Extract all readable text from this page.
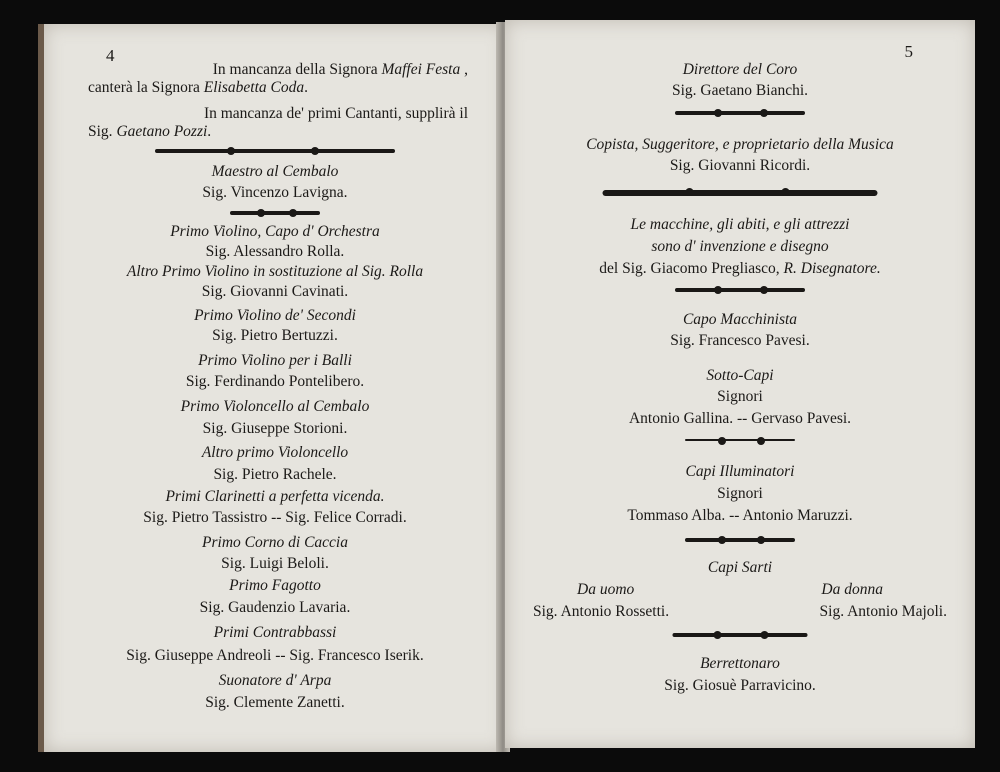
4
In mancanza della Signora Maffei Festa ,
canterà la Signora Elisabetta Coda.
In mancanza de' primi Cantanti, supplirà il
Sig. Gaetano Pozzi.
Maestro al Cembalo
Sig. Vincenzo Lavigna.
Primo Violino, Capo d' Orchestra
Sig. Alessandro Rolla.
Altro Primo Violino in sostituzione al Sig. Rolla
Sig. Giovanni Cavinati.
Primo Violino de' Secondi
Sig. Pietro Bertuzzi.
Primo Violino per i Balli
Sig. Ferdinando Pontelibero.
Primo Violoncello al Cembalo
Sig. Giuseppe Storioni.
Altro primo Violoncello
Sig. Pietro Rachele.
Primi Clarinetti a perfetta vicenda.
Sig. Pietro Tassistro -- Sig. Felice Corradi.
Primo Corno di Caccia
Sig. Luigi Beloli.
Primo Fagotto
Sig. Gaudenzio Lavaria.
Primi Contrabbassi
Sig. Giuseppe Andreoli -- Sig. Francesco Iserik.
Suonatore d' Arpa
Sig. Clemente Zanetti.
5
Direttore del Coro
Sig. Gaetano Bianchi.
Copista, Suggeritore, e proprietario della Musica
Sig. Giovanni Ricordi.
Le macchine, gli abiti, e gli attrezzi
sono d' invenzione e disegno
del Sig. Giacomo Pregliasco, R. Disegnatore.
Capo Macchinista
Sig. Francesco Pavesi.
Sotto-Capi
Signori
Antonio Gallina. -- Gervaso Pavesi.
Capi Illuminatori
Signori
Tommaso Alba. -- Antonio Maruzzi.
Capi Sarti
Da uomo	Da donna
Sig. Antonio Rossetti.	Sig. Antonio Majoli.
Berrettonaro
Sig. Giosuè Parravicino.
